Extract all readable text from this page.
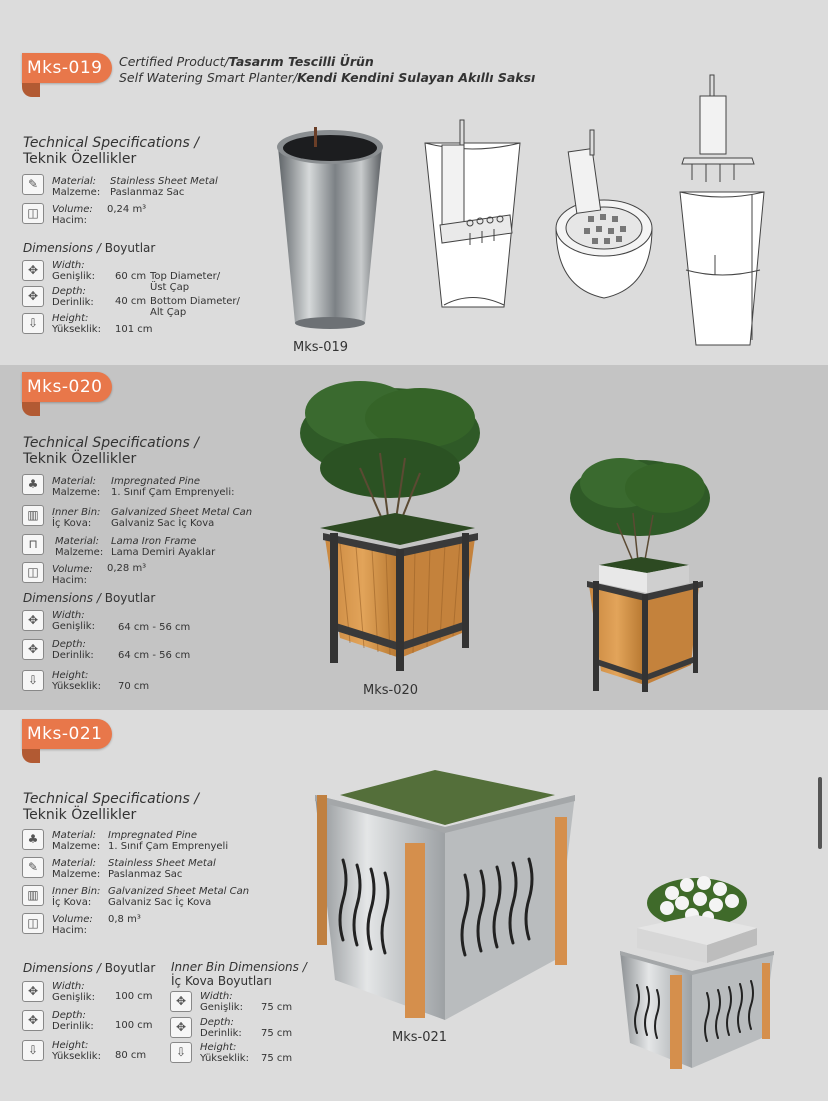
Mks-019	Certified Product/Tasarım Tescilli Ürün
Self Watering Smart Planter/Kendi Kendini Sulayan Akıllı Saksı
Technical Specifications /
Teknik Özellikler
✎	Material:
Malzeme:
Stainless Sheet Metal
Paslanmaz Sac
◫	Volume:
Hacim:
0,24 m³
Dimensions / Boyutlar
✥	Width:
Genişlik: 60 cm Top Diameter/
Üst Çap
✥	Depth:
Derinlik: 40 cm Bottom Diameter/
Alt Çap
⇩	Height:
Yükseklik: 101 cm
Mks-019
Mks-020
Technical Specifications /
Teknik Özellikler
♣	Material:
Malzeme:
Impregnated Pine
1. Sınıf Çam Emprenyeli:
▥	Inner Bin:
İç Kova:
Galvanized Sheet Metal Can
Galvaniz Sac İç Kova
⊓	Material:
Malzeme:
Lama Iron Frame
Lama Demiri Ayaklar
◫	Volume:
Hacim:
0,28 m³
Dimensions / Boyutlar
✥	Width:
Genişlik: 64 cm - 56 cm
✥	Depth:
Derinlik: 64 cm - 56 cm
⇩	Height:
Yükseklik: 70 cm	Mks-020
Mks-021
Technical Specifications /
Teknik Özellikler
♣	Material:
Malzeme:
Impregnated Pine
1. Sınıf Çam Emprenyeli
✎	Material:
Malzeme:
Stainless Sheet Metal
Paslanmaz Sac
▥	Inner Bin:
İç Kova:
Galvanized Sheet Metal Can
Galvaniz Sac İç Kova
◫	Volume:
Hacim:
0,8 m³
Dimensions / Boyutlar Inner Bin Dimensions /
İç Kova Boyutları
✥	Width:
Genişlik: 100 cm
✥	Depth:
Derinlik: 100 cm
⇩	Height:
Yükseklik: 80 cm
✥	Width:
Genişlik: 75 cm
✥	Depth:
Derinlik: 75 cm
⇩	Height:
Yükseklik: 75 cm
Mks-021
